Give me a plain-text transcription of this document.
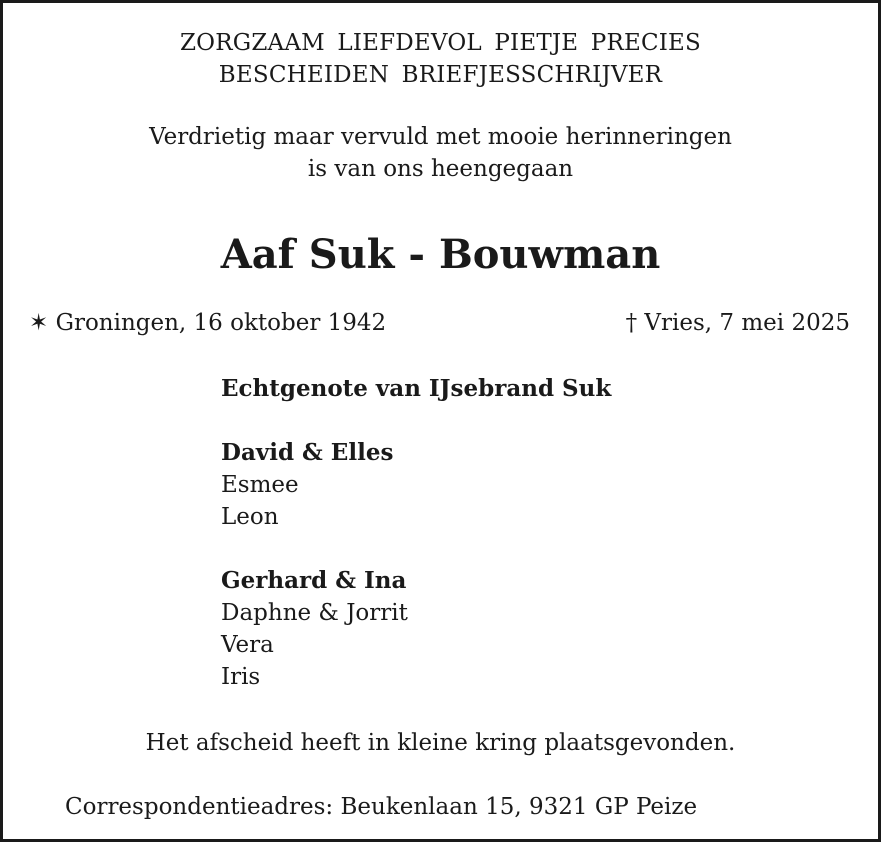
ZORGZAAM LIEFDEVOL PIETJE PRECIES
BESCHEIDEN BRIEFJESSCHRIJVER
Verdrietig maar vervuld met mooie herinneringen
is van ons heengegaan
Aaf Suk - Bouwman
✶ Groningen, 16 oktober 1942	† Vries, 7 mei 2025
Echtgenote van IJsebrand Suk
David & Elles
Esmee
Leon
Gerhard & Ina
Daphne & Jorrit
Vera
Iris
Het afscheid heeft in kleine kring plaatsgevonden.
Correspondentieadres: Beukenlaan 15, 9321 GP Peize
